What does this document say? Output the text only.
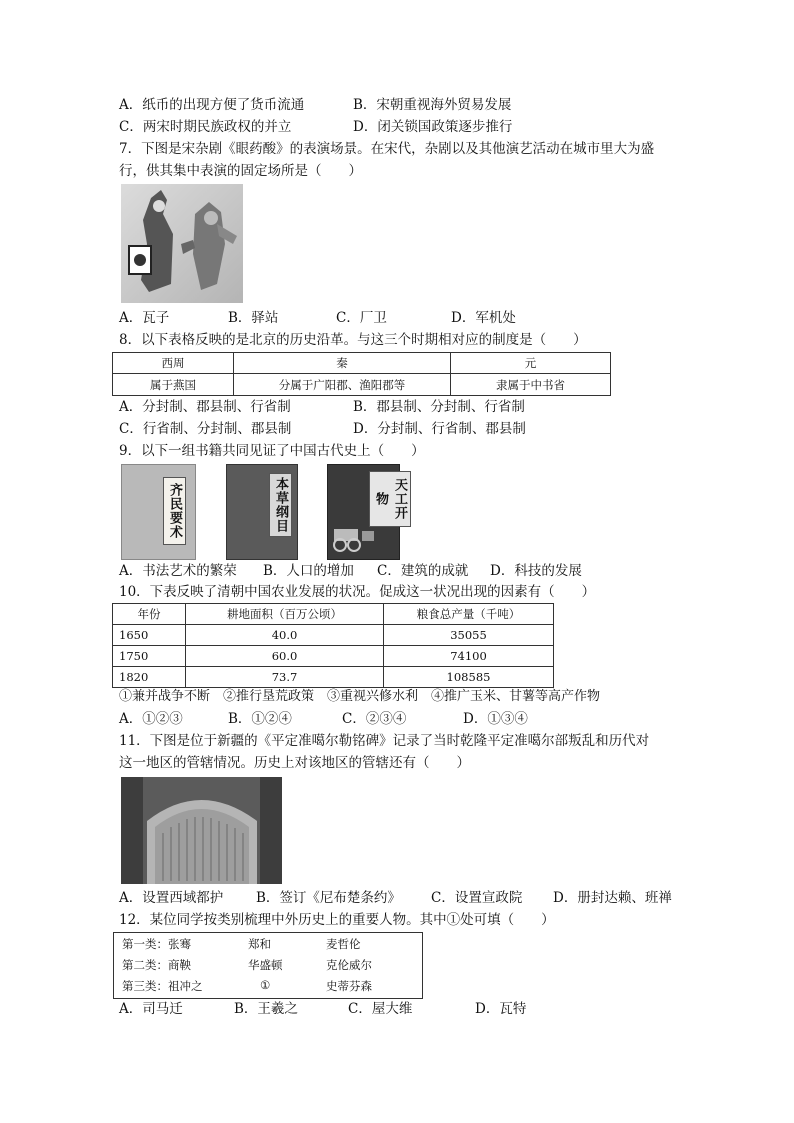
A．纸币的出现方便了货币流通	B．宋朝重视海外贸易发展
C．两宋时期民族政权的并立	D．闭关锁国政策逐步推行
7．下图是宋杂剧《眼药酸》的表演场景。在宋代，杂剧以及其他演艺活动在城市里大为盛
行，供其集中表演的固定场所是（　　）
A．瓦子	B．驿站	C．厂卫	D．军机处
8．以下表格反映的是北京的历史沿革。与这三个时期相对应的制度是（　　）
西周	秦	元
属于燕国	分属于广阳郡、渔阳郡等	隶属于中书省
A．分封制、郡县制、行省制	B．郡县制、分封制、行省制
C．行省制、分封制、郡县制	D．分封制、行省制、郡县制
9．以下一组书籍共同见证了中国古代史上（　　）
齐民要术	本草纲目	天工开物
A．书法艺术的繁荣 B．人口的增加 C．建筑的成就 D．科技的发展
10．下表反映了清朝中国农业发展的状况。促成这一状况出现的因素有（　　）
年份	耕地面积（百万公顷）	粮食总产量（千吨）
1650	40.0	35055
1750	60.0	74100
1820	73.7	108585
①兼并战争不断　②推行垦荒政策　③重视兴修水利　④推广玉米、甘薯等高产作物
A．①②③	B．①②④	C．②③④	D．①③④
11．下图是位于新疆的《平定准噶尔勒铭碑》记录了当时乾隆平定准噶尔部叛乱和历代对
这一地区的管辖情况。历史上对该地区的管辖还有（　　）
A．设置西域都护 B．签订《尼布楚条约》 C．设置宣政院 D．册封达赖、班禅
12．某位同学按类别梳理中外历史上的重要人物。其中①处可填（　　）
第一类：张骞	郑和	麦哲伦
第二类：商鞅	华盛顿	克伦威尔
第三类：祖冲之	①	史蒂芬森
A．司马迁	B．王羲之	C．屋大维	D．瓦特
